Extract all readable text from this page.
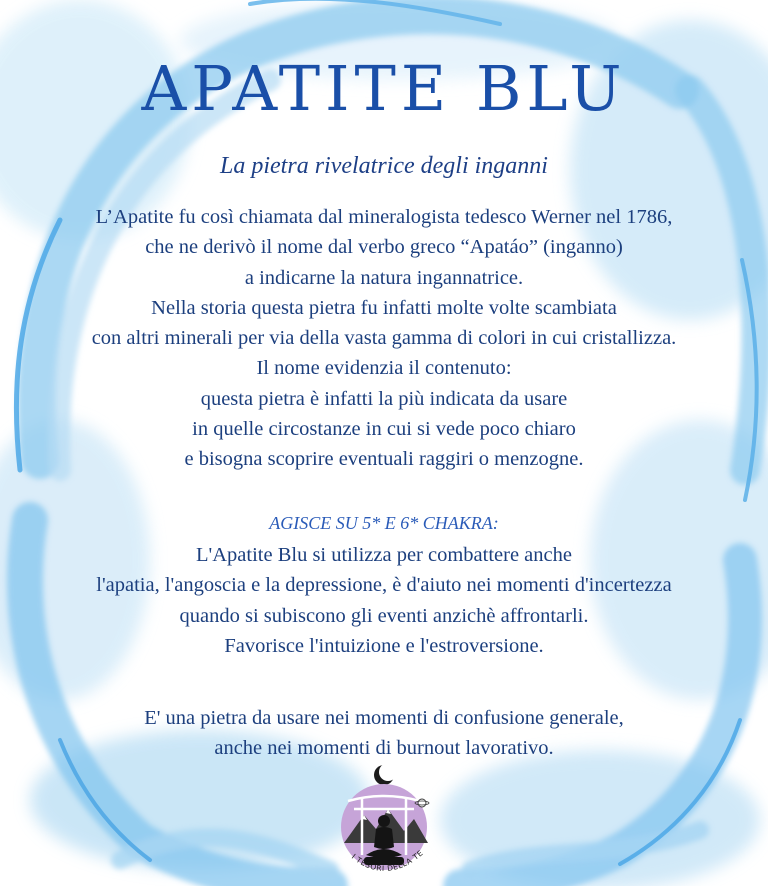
APATITE BLU
La pietra rivelatrice degli inganni
L’Apatite fu così chiamata dal mineralogista tedesco Werner nel 1786,
che ne derivò il nome dal verbo greco “Apatáo” (inganno)
a indicarne la natura ingannatrice.
Nella storia questa pietra fu infatti molte volte scambiata
con altri minerali per via della vasta gamma di colori in cui cristallizza.
Il nome evidenzia il contenuto:
questa pietra è infatti la più indicata da usare
in quelle circostanze in cui si vede poco chiaro
e bisogna scoprire eventuali raggiri o menzogne.
AGISCE SU 5* E 6* CHAKRA:
L'Apatite Blu si utilizza per combattere anche
l'apatia, l'angoscia e la depressione, è d'aiuto nei momenti d'incertezza
quando si subiscono gli eventi anzichè affrontarli.
Favorisce l'intuizione e l'estroversione.
E' una pietra da usare nei momenti di confusione generale,
anche nei momenti di burnout lavorativo.
I TESORI DELLA TE
